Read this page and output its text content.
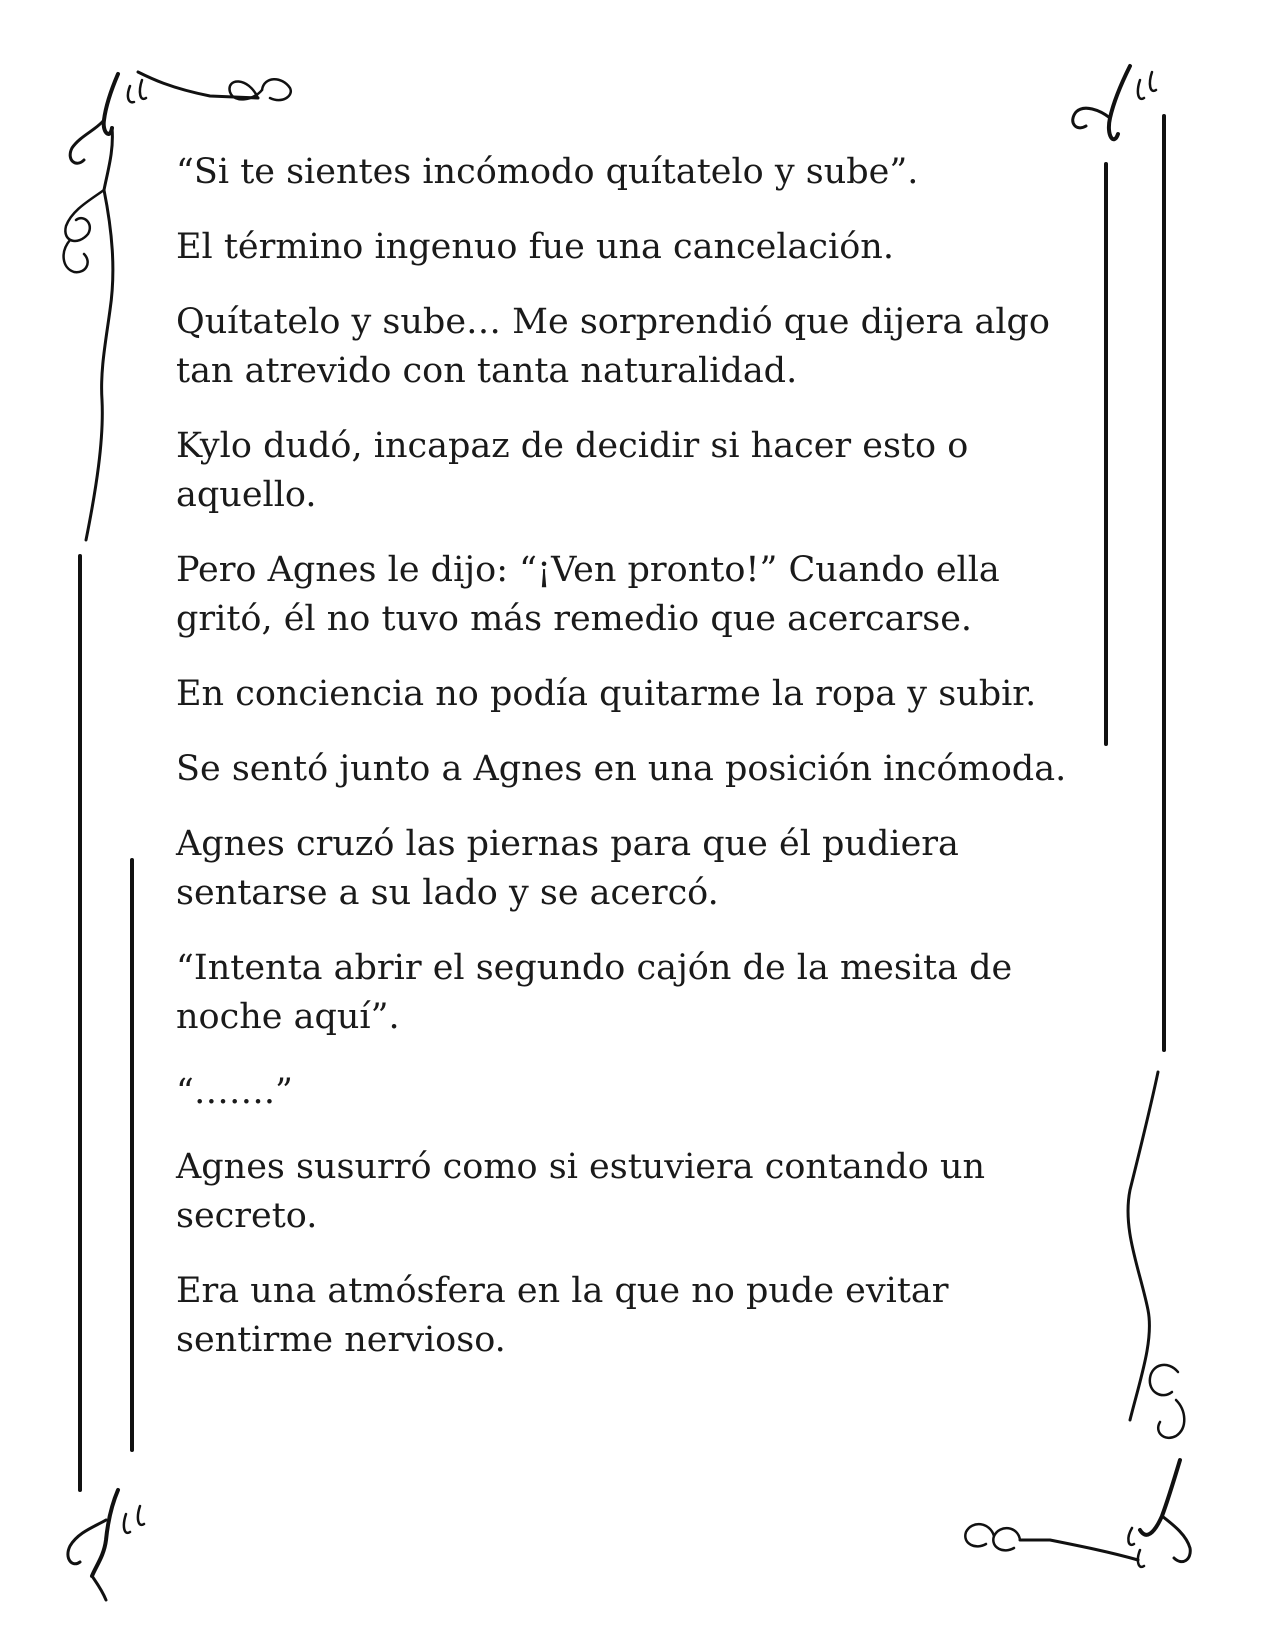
“Si te sientes incómodo quítatelo y sube”.

El término ingenuo fue una cancelación.

Quítatelo y sube… Me sorprendió que dijera algo tan atrevido con tanta naturalidad.

Kylo dudó, incapaz de decidir si hacer esto o aquello.

Pero Agnes le dijo: “¡Ven pronto!” Cuando ella gritó, él no tuvo más remedio que acercarse.

En conciencia no podía quitarme la ropa y subir.

Se sentó junto a Agnes en una posición incómoda.

Agnes cruzó las piernas para que él pudiera sentarse a su lado y se acercó.

“Intenta abrir el segundo cajón de la mesita de noche aquí”.

“…….”

Agnes susurró como si estuviera contando un secreto.

Era una atmósfera en la que no pude evitar sentirme nervioso.
